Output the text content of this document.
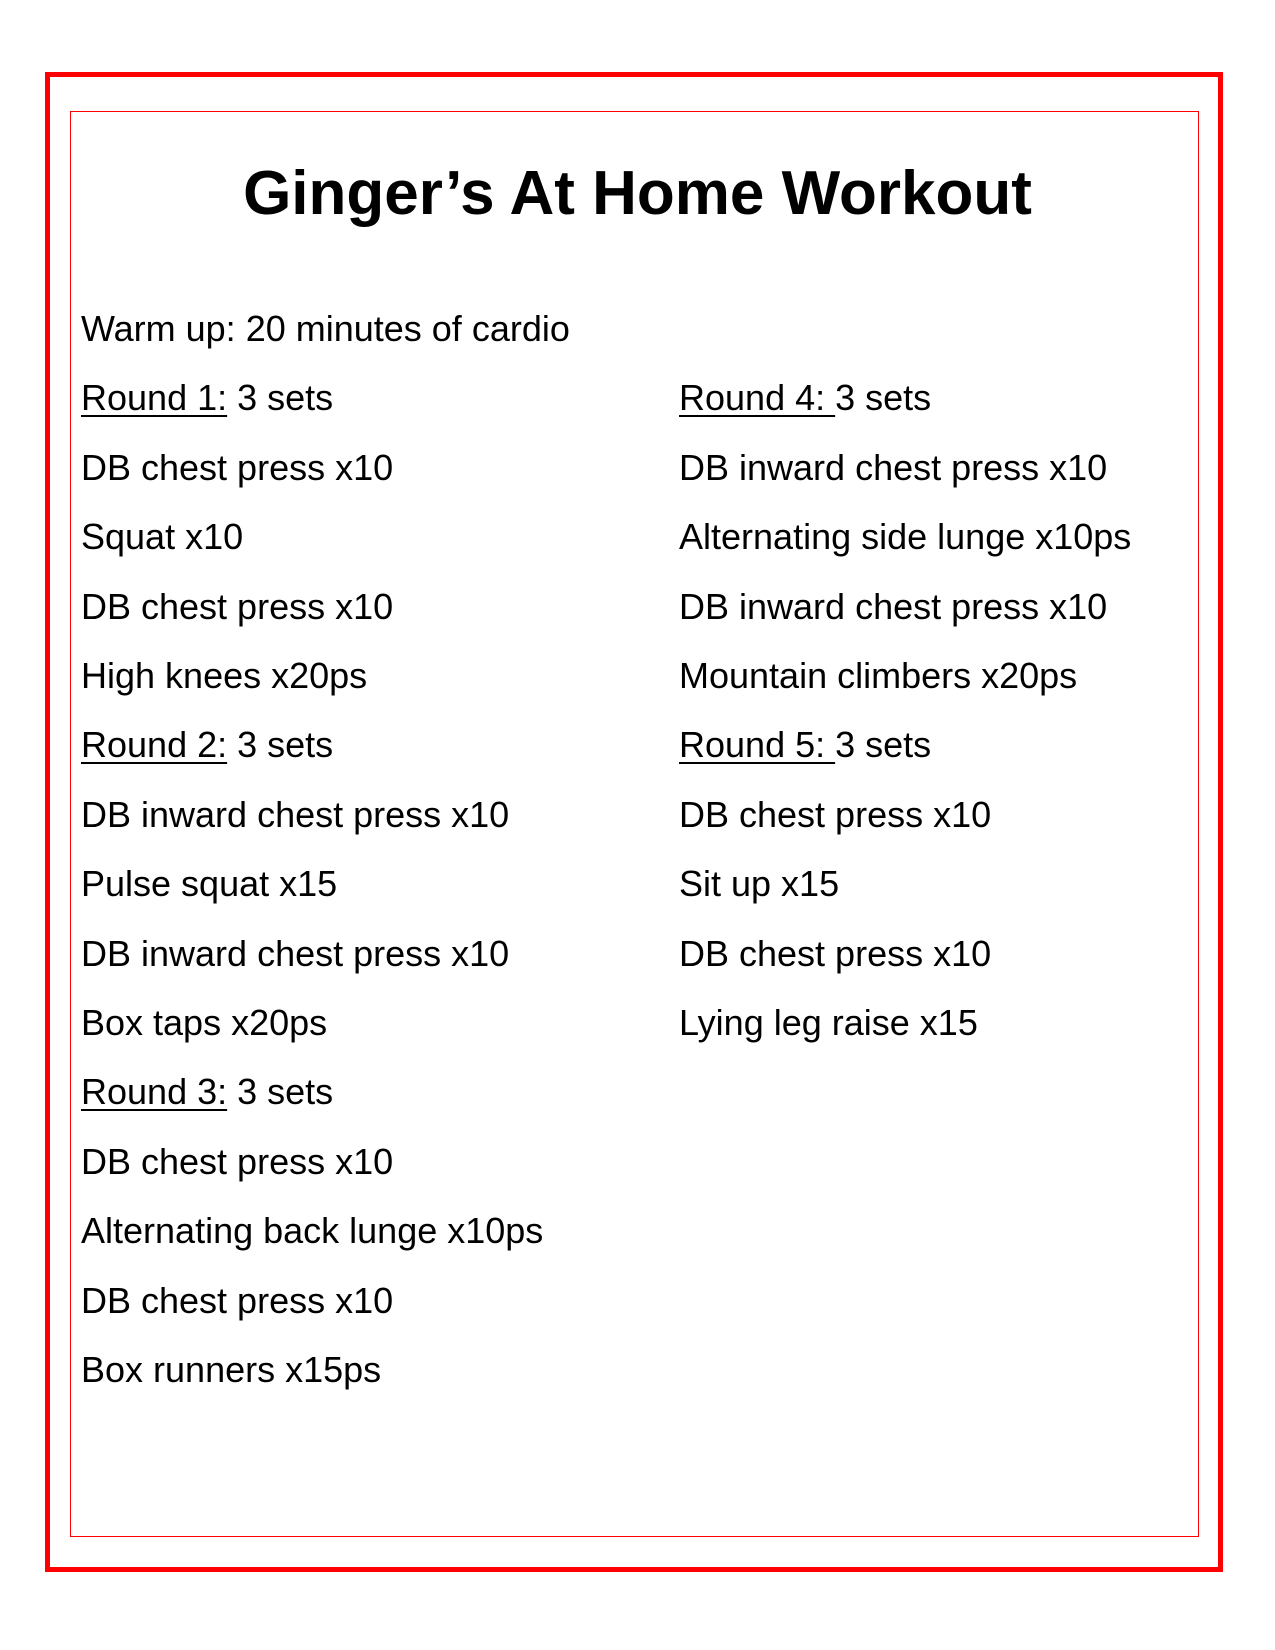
Ginger’s At Home Workout
Warm up: 20 minutes of cardio
Round 1: 3 sets
DB chest press x10
Squat x10
DB chest press x10
High knees x20ps
Round 2: 3 sets
DB inward chest press x10
Pulse squat x15
DB inward chest press x10
Box taps x20ps
Round 3: 3 sets
DB chest press x10
Alternating back lunge x10ps
DB chest press x10
Box runners x15ps
Round 4: 3 sets
DB inward chest press x10
Alternating side lunge x10ps
DB inward chest press x10
Mountain climbers x20ps
Round 5: 3 sets
DB chest press x10
Sit up x15
DB chest press x10
Lying leg raise x15
